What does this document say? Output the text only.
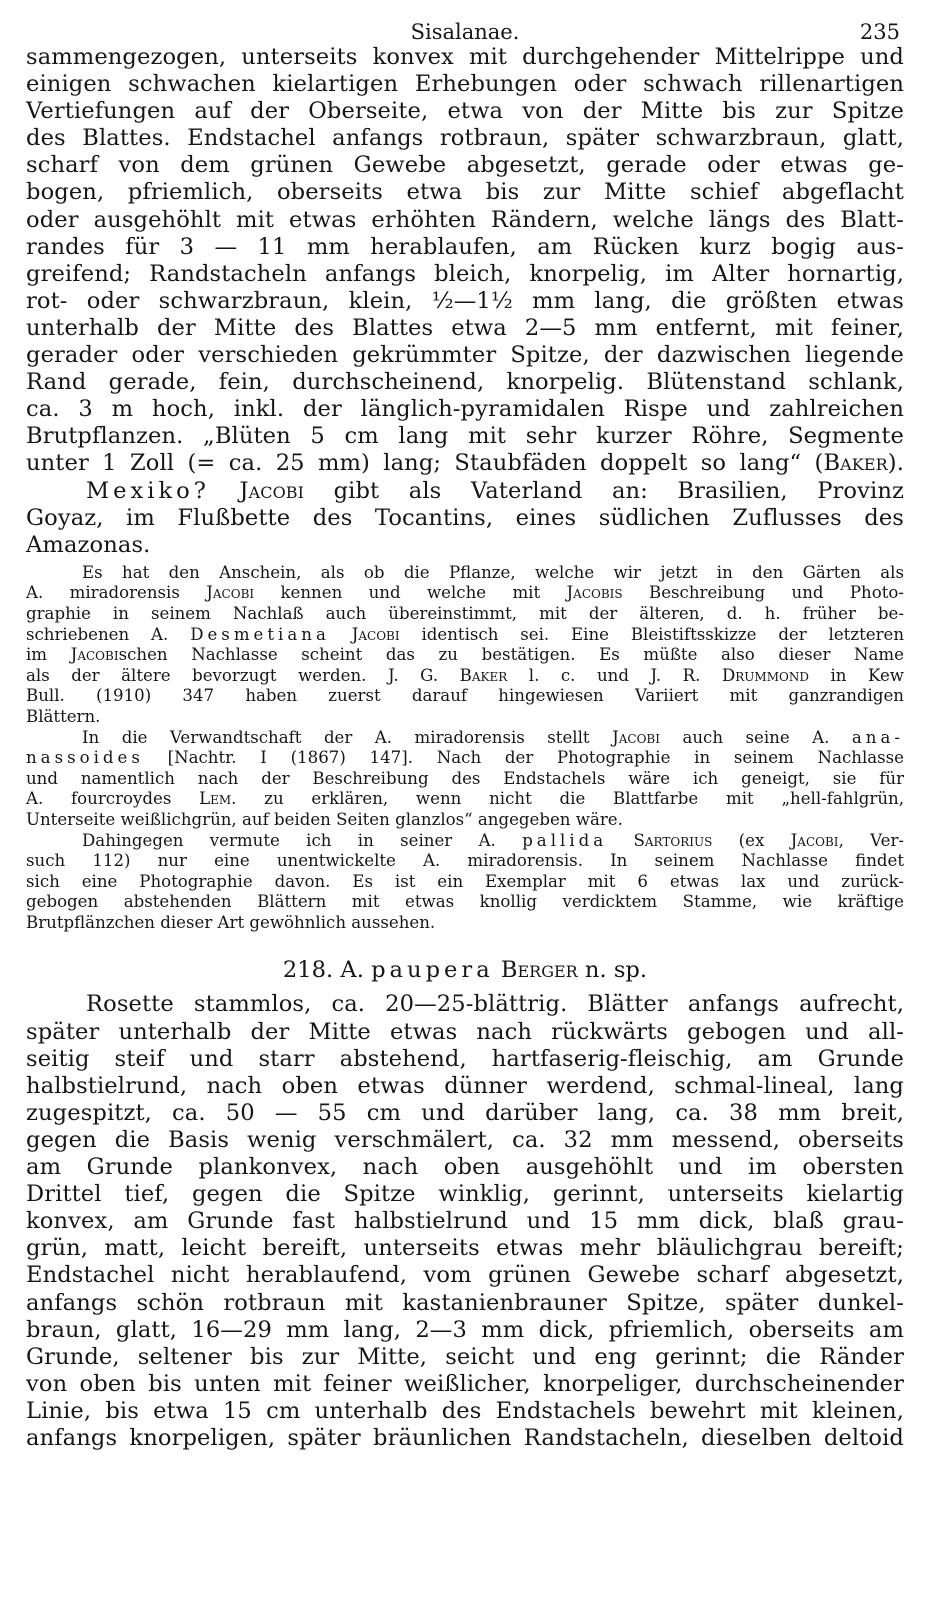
Sisalanae.	235

sammengezogen, unterseits konvex mit durchgehender Mittelrippe und

einigen schwachen kielartigen Erhebungen oder schwach rillenartigen

Vertiefungen auf der Oberseite, etwa von der Mitte bis zur Spitze

des Blattes. Endstachel anfangs rotbraun, später schwarzbraun, glatt,

scharf von dem grünen Gewebe abgesetzt, gerade oder etwas ge-

bogen, pfriemlich, oberseits etwa bis zur Mitte schief abgeflacht

oder ausgehöhlt mit etwas erhöhten Rändern, welche längs des Blatt-

randes für 3 — 11 mm herablaufen, am Rücken kurz bogig aus-

greifend; Randstacheln anfangs bleich, knorpelig, im Alter hornartig,

rot- oder schwarzbraun, klein, ½—1½ mm lang, die größten etwas

unterhalb der Mitte des Blattes etwa 2—5 mm entfernt, mit feiner,

gerader oder verschieden gekrümmter Spitze, der dazwischen liegende

Rand gerade, fein, durchscheinend, knorpelig. Blütenstand schlank,

ca. 3 m hoch, inkl. der länglich-pyramidalen Rispe und zahlreichen

Brutpflanzen. „Blüten 5 cm lang mit sehr kurzer Röhre, Segmente

unter 1 Zoll (= ca. 25 mm) lang; Staubfäden doppelt so lang“ (Baker).

Mexiko? Jacobi gibt als Vaterland an: Brasilien, Provinz

Goyaz, im Flußbette des Tocantins, eines südlichen Zuflusses des

Amazonas.

Es hat den Anschein, als ob die Pflanze, welche wir jetzt in den Gärten als

A. miradorensis Jacobi kennen und welche mit Jacobis Beschreibung und Photo-

graphie in seinem Nachlaß auch übereinstimmt, mit der älteren, d. h. früher be-

schriebenen A. Desmetiana Jacobi identisch sei. Eine Bleistiftsskizze der letzteren

im Jacobischen Nachlasse scheint das zu bestätigen. Es müßte also dieser Name

als der ältere bevorzugt werden. J. G. Baker l. c. und J. R. Drummond in Kew

Bull. (1910) 347 haben zuerst darauf hingewiesen Variiert mit ganzrandigen

Blättern.

In die Verwandtschaft der A. miradorensis stellt Jacobi auch seine A. ana-

nassoides [Nachtr. I (1867) 147]. Nach der Photographie in seinem Nachlasse

und namentlich nach der Beschreibung des Endstachels wäre ich geneigt, sie für

A. fourcroydes Lem. zu erklären, wenn nicht die Blattfarbe mit „hell-fahlgrün,

Unterseite weißlichgrün, auf beiden Seiten glanzlos“ angegeben wäre.

Dahingegen vermute ich in seiner A. pallida Sartorius (ex Jacobi, Ver-

such 112) nur eine unentwickelte A. miradorensis. In seinem Nachlasse findet

sich eine Photographie davon. Es ist ein Exemplar mit 6 etwas lax und zurück-

gebogen abstehenden Blättern mit etwas knollig verdicktem Stamme, wie kräftige

Brutpflänzchen dieser Art gewöhnlich aussehen.

218. A. paupera Berger n. sp.

Rosette stammlos, ca. 20—25-blättrig. Blätter anfangs aufrecht,

später unterhalb der Mitte etwas nach rückwärts gebogen und all-

seitig steif und starr abstehend, hartfaserig-fleischig, am Grunde

halbstielrund, nach oben etwas dünner werdend, schmal-lineal, lang

zugespitzt, ca. 50 — 55 cm und darüber lang, ca. 38 mm breit,

gegen die Basis wenig verschmälert, ca. 32 mm messend, oberseits

am Grunde plankonvex, nach oben ausgehöhlt und im obersten

Drittel tief, gegen die Spitze winklig, gerinnt, unterseits kielartig

konvex, am Grunde fast halbstielrund und 15 mm dick, blaß grau-

grün, matt, leicht bereift, unterseits etwas mehr bläulichgrau bereift;

Endstachel nicht herablaufend, vom grünen Gewebe scharf abgesetzt,

anfangs schön rotbraun mit kastanienbrauner Spitze, später dunkel-

braun, glatt, 16—29 mm lang, 2—3 mm dick, pfriemlich, oberseits am

Grunde, seltener bis zur Mitte, seicht und eng gerinnt; die Ränder

von oben bis unten mit feiner weißlicher, knorpeliger, durchscheinender

Linie, bis etwa 15 cm unterhalb des Endstachels bewehrt mit kleinen,

anfangs knorpeligen, später bräunlichen Randstacheln, dieselben deltoid
